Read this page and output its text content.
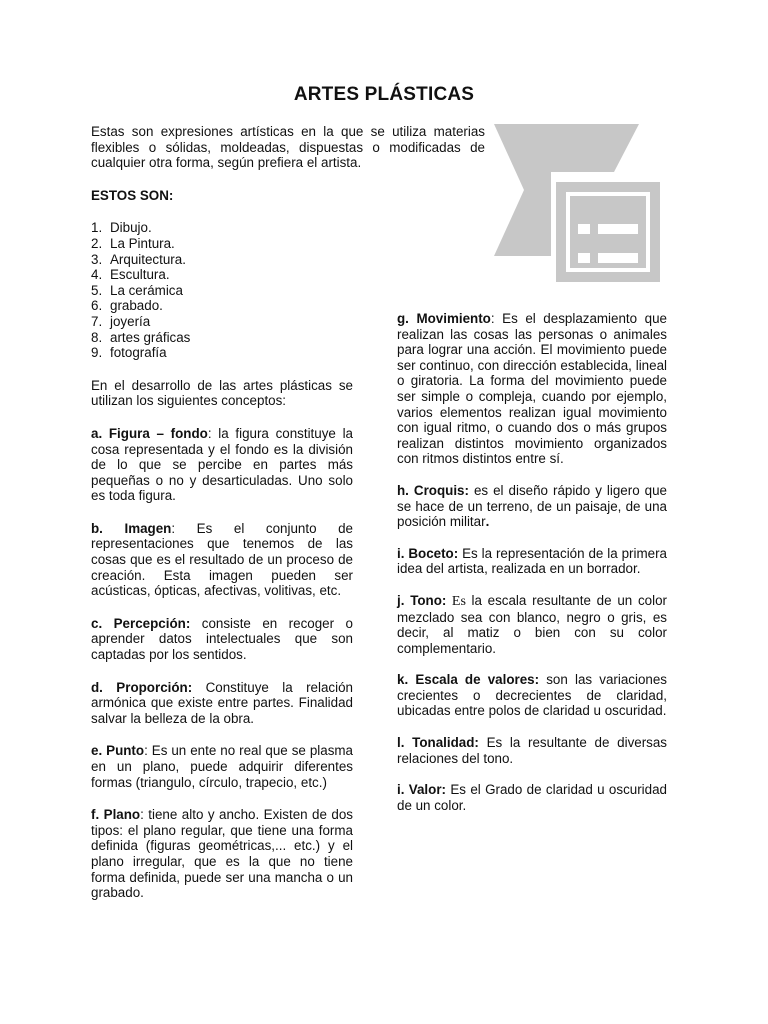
ARTES PLÁSTICAS

Estas son expresiones artísticas en la que se utiliza materias flexibles o sólidas, moldeadas, dispuestas o modificadas de cualquier otra forma, según prefiera el artista.

ESTOS SON:

1. Dibujo.
2. La Pintura.
3. Arquitectura.
4. Escultura.
5. La cerámica
6. grabado.
7. joyería
8. artes gráficas
9. fotografía

En el desarrollo de las artes plásticas se utilizan los siguientes conceptos:

a. Figura – fondo: la figura constituye la cosa representada y el fondo es la división de lo que se percibe en partes más pequeñas o no y desarticuladas. Uno solo es toda figura.

b. Imagen: Es el conjunto de representaciones que tenemos de las cosas que es el resultado de un proceso de creación. Esta imagen pueden ser acústicas, ópticas, afectivas, volitivas, etc.

c. Percepción: consiste en recoger o aprender datos intelectuales que son captadas por los sentidos.

d. Proporción: Constituye la relación armónica que existe entre partes. Finalidad salvar la belleza de la obra.

e. Punto: Es un ente no real que se plasma en un plano, puede adquirir diferentes formas (triangulo, círculo, trapecio, etc.)

f. Plano: tiene alto y ancho. Existen de dos tipos: el plano regular, que tiene una forma definida (figuras geométricas,... etc.) y el plano irregular, que es la que no tiene forma definida, puede ser una mancha o un grabado.

g. Movimiento: Es el desplazamiento que realizan las cosas las personas o animales para lograr una acción. El movimiento puede ser continuo, con dirección establecida, lineal o giratoria. La forma del movimiento puede ser simple o compleja, cuando por ejemplo, varios elementos realizan igual movimiento con igual ritmo, o cuando dos o más grupos realizan distintos movimiento organizados con ritmos distintos entre sí.

h. Croquis: es el diseño rápido y ligero que se hace de un terreno, de un paisaje, de una posición militar.

i. Boceto: Es la representación de la primera idea del artista, realizada en un borrador.

j. Tono: Es la escala resultante de un color mezclado sea con blanco, negro o gris, es decir, al matiz o bien con su color complementario.

k. Escala de valores: son las variaciones crecientes o decrecientes de claridad, ubicadas entre polos de claridad u oscuridad.

l. Tonalidad: Es la resultante de diversas relaciones del tono.

i. Valor: Es el Grado de claridad u oscuridad de un color.
